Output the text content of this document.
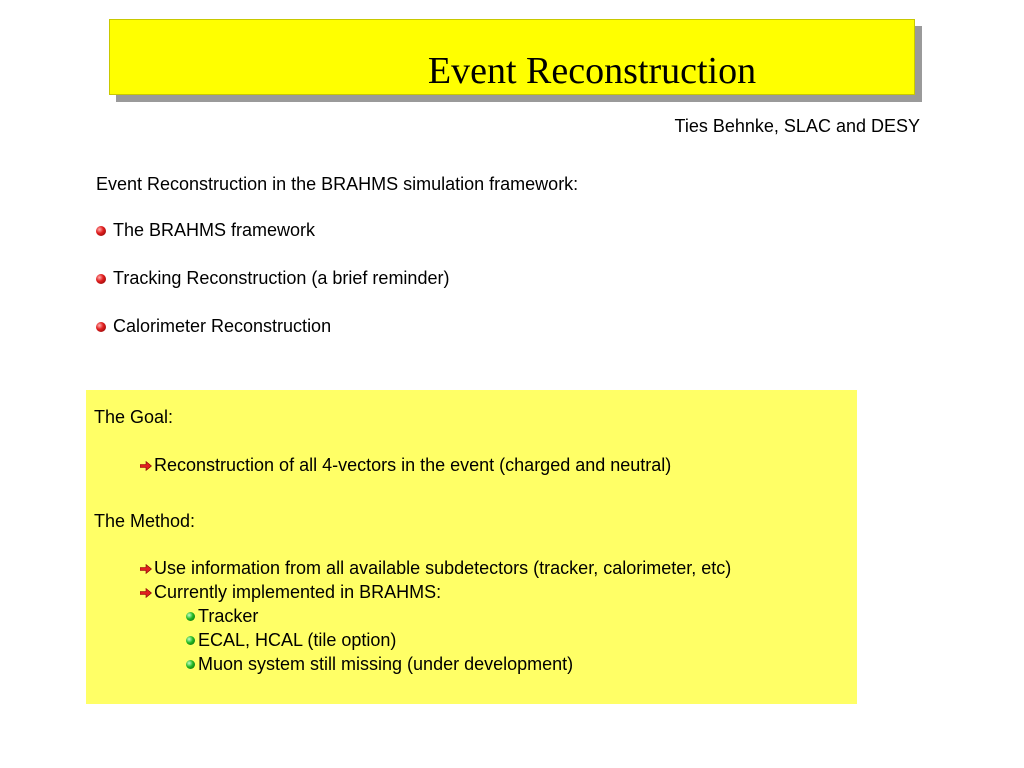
Event Reconstruction
Ties Behnke, SLAC and DESY
Event Reconstruction in the BRAHMS simulation framework:
The BRAHMS framework
Tracking Reconstruction (a brief reminder)
Calorimeter Reconstruction
The Goal:
Reconstruction of all 4-vectors in the event (charged and neutral)
The Method:
Use information from all available subdetectors (tracker, calorimeter, etc)
Currently implemented in BRAHMS:
Tracker
ECAL, HCAL (tile option)
Muon system still missing (under development)
